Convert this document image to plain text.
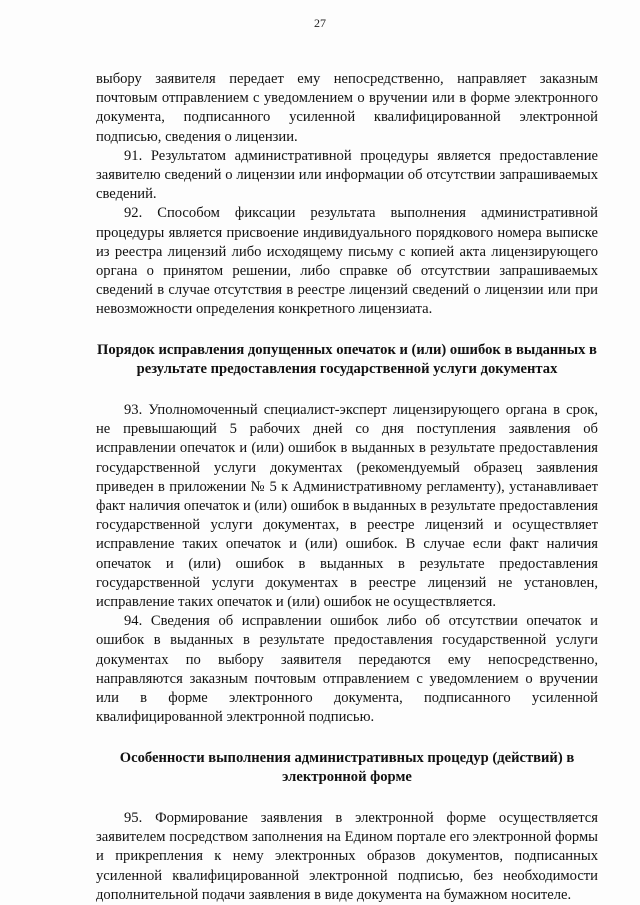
27

выбору заявителя передает ему непосредственно, направляет заказным почтовым отправлением с уведомлением о вручении или в форме электронного документа, подписанного усиленной квалифицированной электронной подписью, сведения о лицензии.

91. Результатом административной процедуры является предоставление заявителю сведений о лицензии или информации об отсутствии запрашиваемых сведений.

92. Способом фиксации результата выполнения административной процедуры является присвоение индивидуального порядкового номера выписке из реестра лицензий либо исходящему письму с копией акта лицензирующего органа о принятом решении, либо справке об отсутствии запрашиваемых сведений в случае отсутствия в реестре лицензий сведений о лицензии или при невозможности определения конкретного лицензиата.

Порядок исправления допущенных опечаток и (или) ошибок в выданных в результате предоставления государственной услуги документах

93. Уполномоченный специалист-эксперт лицензирующего органа в срок, не превышающий 5 рабочих дней со дня поступления заявления об исправлении опечаток и (или) ошибок в выданных в результате предоставления государственной услуги документах (рекомендуемый образец заявления приведен в приложении № 5 к Административному регламенту), устанавливает факт наличия опечаток и (или) ошибок в выданных в результате предоставления государственной услуги документах, в реестре лицензий и осуществляет исправление таких опечаток и (или) ошибок. В случае если факт наличия опечаток и (или) ошибок в выданных в результате предоставления государственной услуги документах в реестре лицензий не установлен, исправление таких опечаток и (или) ошибок не осуществляется.

94. Сведения об исправлении ошибок либо об отсутствии опечаток и ошибок в выданных в результате предоставления государственной услуги документах по выбору заявителя передаются ему непосредственно, направляются заказным почтовым отправлением с уведомлением о вручении или в форме электронного документа, подписанного усиленной квалифицированной электронной подписью.

Особенности выполнения административных процедур (действий) в электронной форме

95. Формирование заявления в электронной форме осуществляется заявителем посредством заполнения на Едином портале его электронной формы и прикрепления к нему электронных образов документов, подписанных усиленной квалифицированной электронной подписью, без необходимости дополнительной подачи заявления в виде документа на бумажном носителе.
